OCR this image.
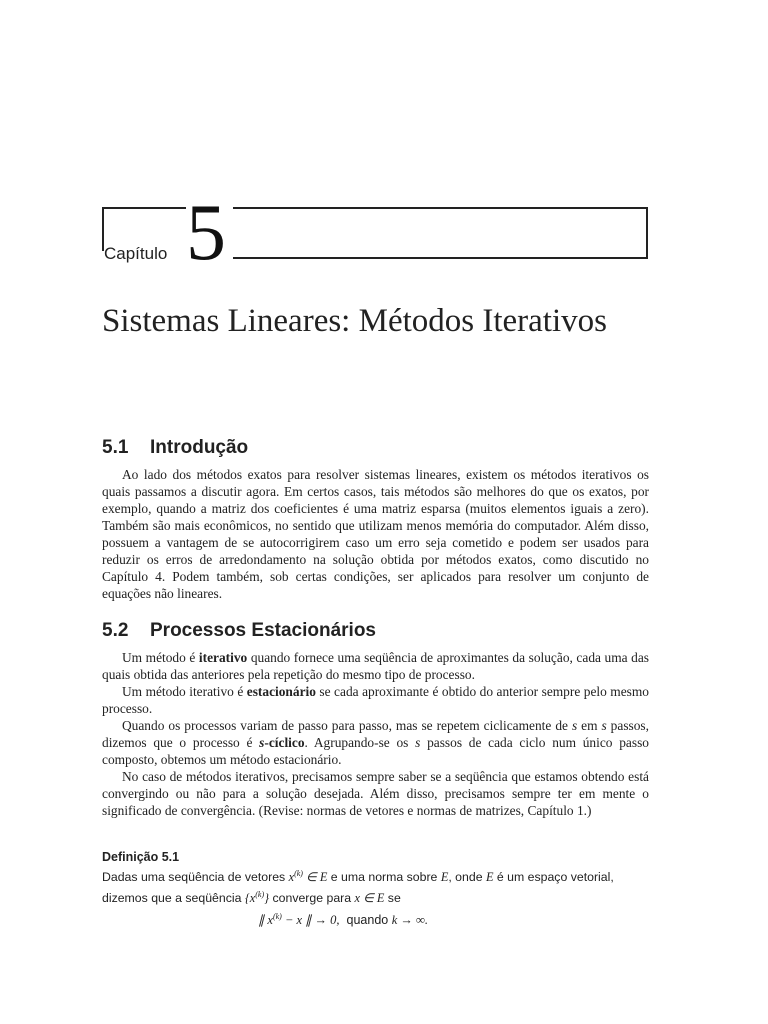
Capítulo 5
Sistemas Lineares: Métodos Iterativos
5.1 Introdução

Ao lado dos métodos exatos para resolver sistemas lineares, existem os métodos iterativos os quais passamos a discutir agora. Em certos casos, tais métodos são melhores do que os exatos, por exemplo, quando a matriz dos coeficientes é uma matriz esparsa (muitos elementos iguais a zero). Também são mais econômicos, no sentido que utilizam menos memória do computador. Além disso, possuem a vantagem de se autocorrigirem caso um erro seja cometido e podem ser usados para reduzir os erros de arredondamento na solução obtida por métodos exatos, como discutido no Capítulo 4. Podem também, sob certas condições, ser aplicados para resolver um conjunto de equações não lineares.

5.2 Processos Estacionários

Um método é iterativo quando fornece uma seqüência de aproximantes da solução, cada uma das quais obtida das anteriores pela repetição do mesmo tipo de processo.

Um método iterativo é estacionário se cada aproximante é obtido do anterior sempre pelo mesmo processo.

Quando os processos variam de passo para passo, mas se repetem ciclicamente de s em s passos, dizemos que o processo é s-cíclico. Agrupando-se os s passos de cada ciclo num único passo composto, obtemos um método estacionário.

No caso de métodos iterativos, precisamos sempre saber se a seqüência que estamos obtendo está convergindo ou não para a solução desejada. Além disso, precisamos sempre ter em mente o significado de convergência. (Revise: normas de vetores e normas de matrizes, Capítulo 1.)

Definição 5.1
Dadas uma seqüência de vetores $x^{(k)}$ ∈ E e uma norma sobre E, onde E é um espaço vetorial, dizemos que a seqüência $\{x^{(k)}\}$ converge para x ∈ E se
∥ $x^{(k)} - x$ ∥ → 0, quando k → ∞.
